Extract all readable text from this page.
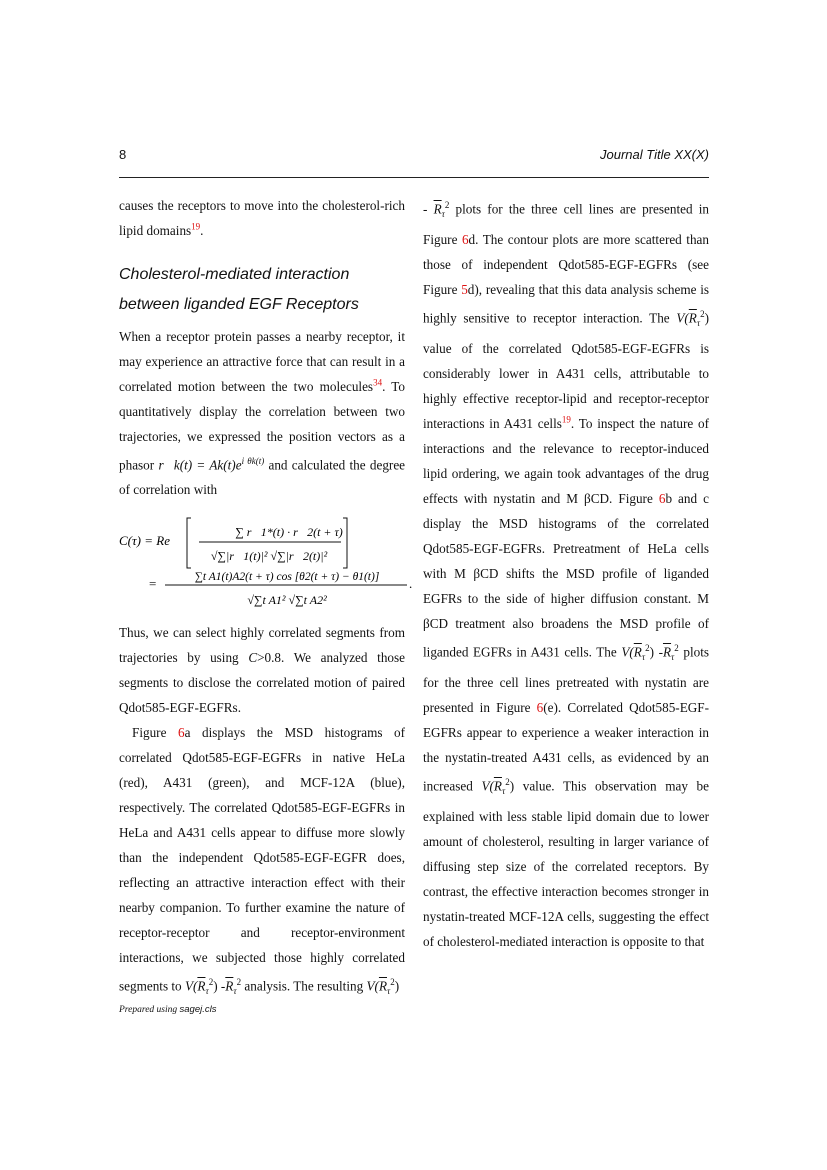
8	Journal Title XX(X)

causes the receptors to move into the cholesterol-rich lipid domains$^{19}$.

Cholesterol-mediated interaction between liganded EGF Receptors

When a receptor protein passes a nearby receptor, it may experience an attractive force that can result in a correlated motion between the two molecules$^{34}$. To quantitatively display the correlation between two trajectories, we expressed the position vectors as a phasor r⃗k(t) = $Ak(t)e^{i \theta k(t)}$ and calculated the degree of correlation with

C(τ) = Re
∑ r⃗1*(t) · r⃗2(t + τ)
√∑|r⃗1(t)|² √∑|r⃗2(t)|²
=	∑t A1(t)A2(t + τ) cos [θ2(t + τ) − θ1(t)]
√∑t A1² √∑t A2²
.

Thus, we can select highly correlated segments from trajectories by using C>0.8. We analyzed those segments to disclose the correlated motion of paired Qdot585-EGF-EGFRs.

Figure 6a displays the MSD histograms of correlated Qdot585-EGF-EGFRs in native HeLa (red), A431 (green), and MCF-12A (blue), respectively. The correlated Qdot585-EGF-EGFRs in HeLa and A431 cells appear to diffuse more slowly than the independent Qdot585-EGF-EGFR does, reflecting an attractive interaction effect with their nearby companion. To further examine the nature of receptor-receptor and receptor-environment interactions, we subjected those highly correlated segments to $V(\overline{R}_\tau^2)$ $-\overline{R}_\tau^2$ analysis. The resulting $V(\overline{R}_\tau^2)$

- $\overline{R}_\tau^2$ plots for the three cell lines are presented in Figure 6d. The contour plots are more scattered than those of independent Qdot585-EGF-EGFRs (see Figure 5d), revealing that this data analysis scheme is highly sensitive to receptor interaction. The $V(\overline{R}_\tau^2)$ value of the correlated Qdot585-EGF-EGFRs is considerably lower in A431 cells, attributable to highly effective receptor-lipid and receptor-receptor interactions in A431 cells$^{19}$. To inspect the nature of interactions and the relevance to receptor-induced lipid ordering, we again took advantages of the drug effects with nystatin and M βCD. Figure 6b and c display the MSD histograms of the correlated Qdot585-EGF-EGFRs. Pretreatment of HeLa cells with M βCD shifts the MSD profile of liganded EGFRs to the side of higher diffusion constant. M βCD treatment also broadens the MSD profile of liganded EGFRs in A431 cells. The $V(\overline{R}_\tau^2)$ $-\overline{R}_\tau^2$ plots for the three cell lines pretreated with nystatin are presented in Figure 6(e). Correlated Qdot585-EGF-EGFRs appear to experience a weaker interaction in the nystatin-treated A431 cells, as evidenced by an increased $V(\overline{R}_\tau^2)$ value. This observation may be explained with less stable lipid domain due to lower amount of cholesterol, resulting in larger variance of diffusing step size of the correlated receptors. By contrast, the effective interaction becomes stronger in nystatin-treated MCF-12A cells, suggesting the effect of cholesterol-mediated interaction is opposite to that

Prepared using sagej.cls
